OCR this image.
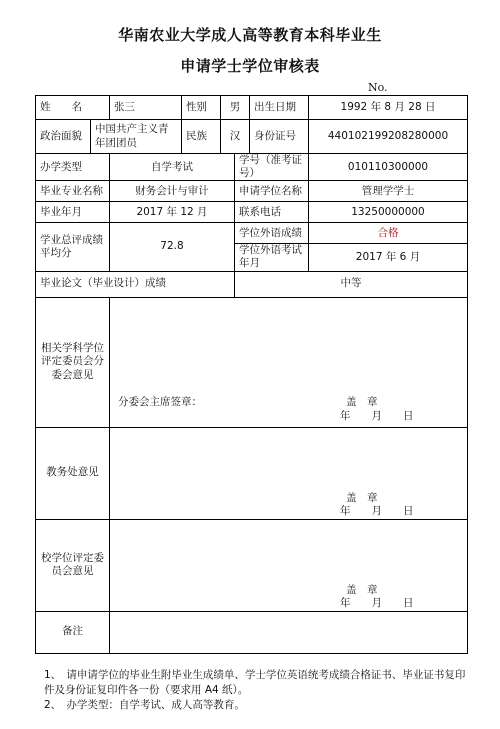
华南农业大学成人高等教育本科毕业生
申请学士学位审核表
No.
姓　　名		张三	性别	男		出生日期	1992 年 8 月 28 日
政治面貌	中国共产主义青年团团员		民族	汉		身份证号	440102199208280000
办学类型		自学考试			学号（准考证号）		010110300000
毕业专业名称		财务会计与审计			申请学位名称		管理学学士
毕业年月		2017 年 12 月			联系电话		13250000000
学业总评成绩平均分		72.8			学位外语成绩		合格
					学位外语考试年月		2017 年 6 月
毕业论文（毕业设计）成绩					中等		
相关学科学位评定委员会分委会意见		分委会主席签章： 盖　章
年　　月　　日					

教务处意见		盖　章
年　　月　　日					

校学位评定委员会意见		盖　章
年　　月　　日					

备注							
1、　请申请学位的毕业生附毕业生成绩单、学士学位英语统考成绩合格证书、毕业证书复印件及身份证复印件各一份（要求用 A4 纸）。
2、　办学类型：自学考试、成人高等教育。
